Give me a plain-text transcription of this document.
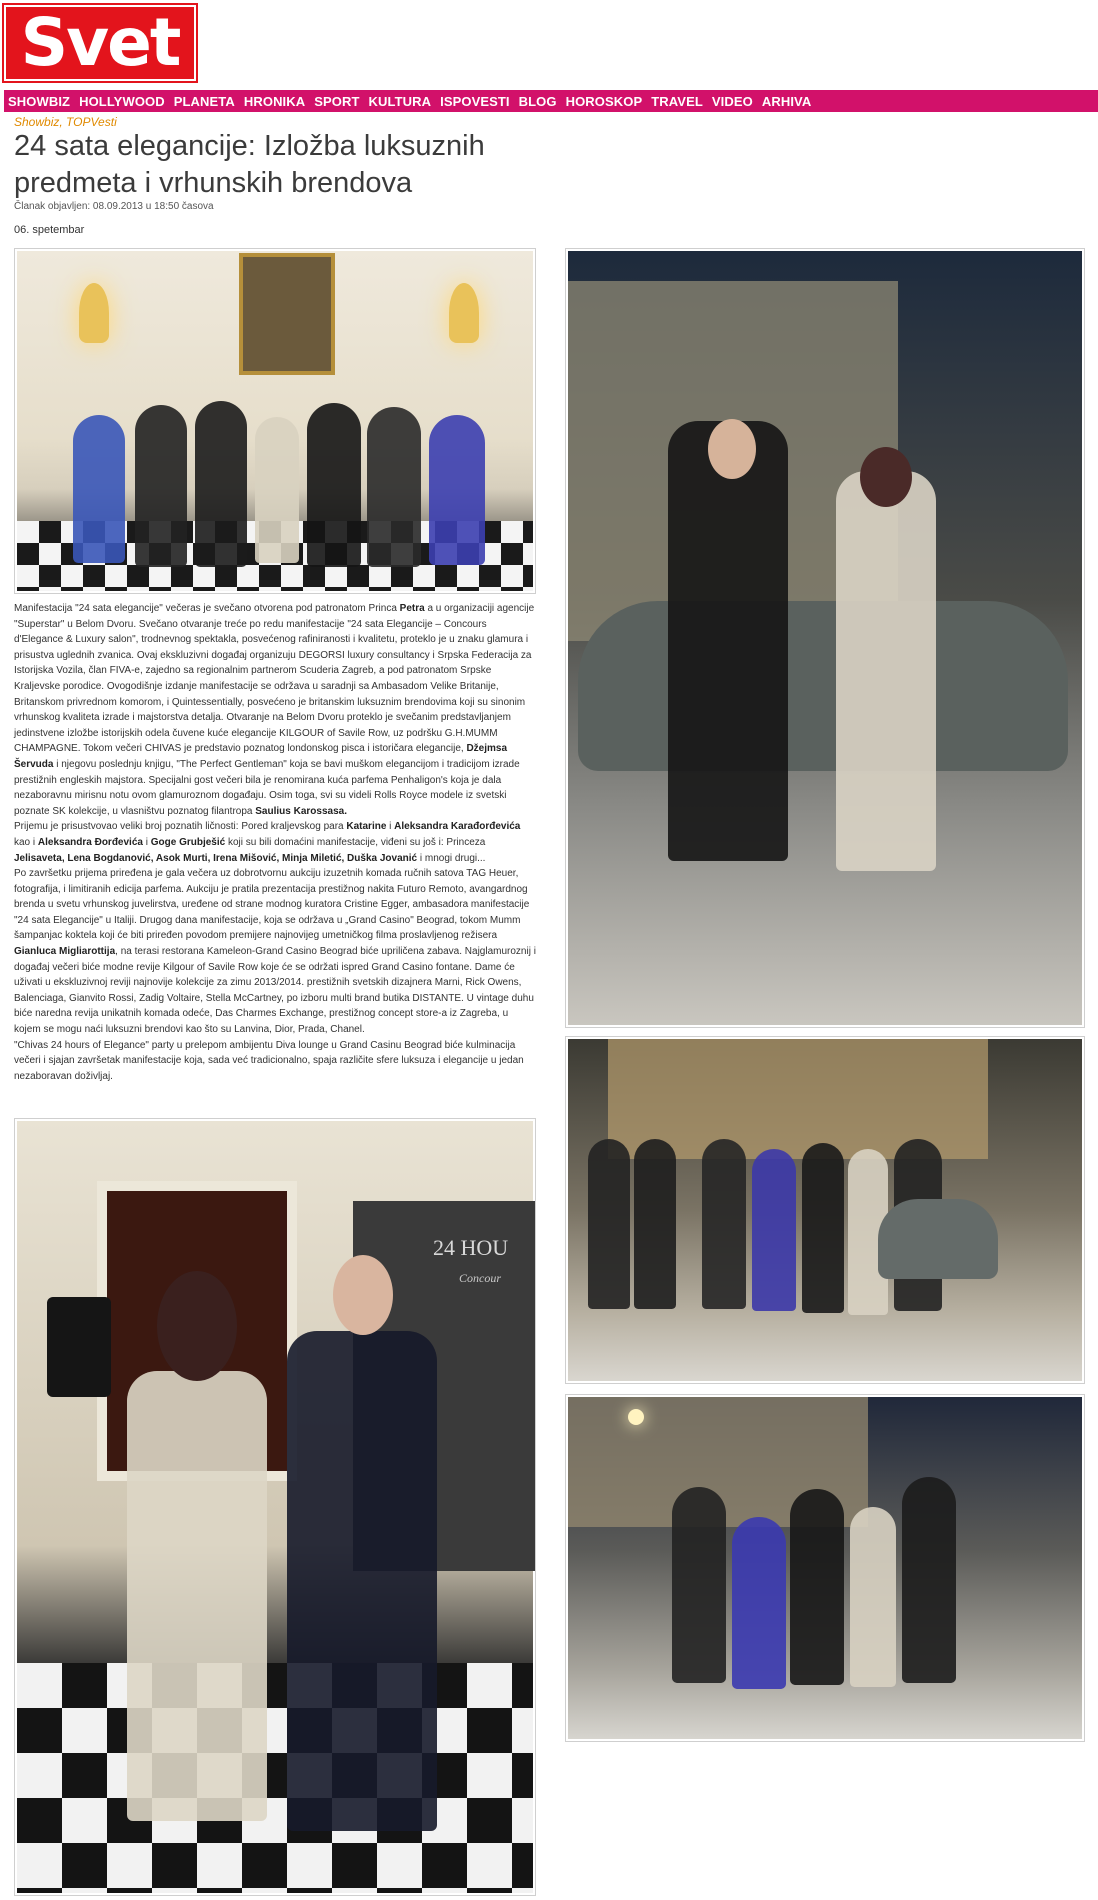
Svet
SHOWBIZ HOLLYWOOD PLANETA HRONIKA SPORT KULTURA ISPOVESTI BLOG HOROSKOP TRAVEL VIDEO ARHIVA
Showbiz, TOPVesti
24 sata elegancije: Izložba luksuznih predmeta i vrhunskih brendova
Članak objavljen: 08.09.2013 u 18:50 časova
06. spetembar

Manifestacija "24 sata elegancije" večeras je svečano otvorena pod patronatom Princa Petra a u organizaciji agencije "Superstar" u Belom Dvoru. Svečano otvaranje treće po redu manifestacije "24 sata Elegancije – Concours d'Elegance & Luxury salon", trodnevnog spektakla, posvećenog rafiniranosti i kvalitetu, proteklo je u znaku glamura i prisustva uglednih zvanica. Ovaj ekskluzivni događaj organizuju DEGORSI luxury consultancy i Srpska Federacija za Istorijska Vozila, član FIVA-e, zajedno sa regionalnim partnerom Scuderia Zagreb, a pod patronatom Srpske Kraljevske porodice. Ovogodišnje izdanje manifestacije se održava u saradnji sa Ambasadom Velike Britanije, Britanskom privrednom komorom, i Quintessentially, posvećeno je britanskim luksuznim brendovima koji su sinonim vrhunskog kvaliteta izrade i majstorstva detalja. Otvaranje na Belom Dvoru proteklo je svečanim predstavljanjem jedinstvene izložbe istorijskih odela čuvene kuće elegancije KILGOUR of Savile Row, uz podršku G.H.MUMM CHAMPAGNE. Tokom večeri CHIVAS je predstavio poznatog londonskog pisca i istoričara elegancije, Džejmsa Šervuda i njegovu poslednju knjigu, "The Perfect Gentleman" koja se bavi muškom elegancijom i tradicijom izrade prestižnih engleskih majstora. Specijalni gost večeri bila je renomirana kuća parfema Penhaligon's koja je dala nezaboravnu mirisnu notu ovom glamuroznom događaju. Osim toga, svi su videli Rolls Royce modele iz svetski poznate SK kolekcije, u vlasništvu poznatog filantropa Saulius Karossasa.

Prijemu je prisustvovao veliki broj poznatih ličnosti: Pored kraljevskog para Katarine i Aleksandra Karađorđevića kao i Aleksandra Đorđevića i Goge Grubješić koji su bili domaćini manifestacije, viđeni su još i: Princeza Jelisaveta, Lena Bogdanović, Asok Murti, Irena Mišović, Minja Miletić, Duška Jovanić i mnogi drugi...

Po završetku prijema priređena je gala večera uz dobrotvornu aukciju izuzetnih komada ručnih satova TAG Heuer, fotografija, i limitiranih edicija parfema. Aukciju je pratila prezentacija prestižnog nakita Futuro Remoto, avangardnog brenda u svetu vrhunskog juvelirstva, uređene od strane modnog kuratora Cristine Egger, ambasadora manifestacije "24 sata Elegancije" u Italiji. Drugog dana manifestacije, koja se održava u „Grand Casino" Beograd, tokom Mumm šampanjac koktela koji će biti priređen povodom premijere najnovijeg umetničkog filma proslavljenog režisera Gianluca Migliarottija, na terasi restorana Kameleon-Grand Casino Beograd biće upriličena zabava. Najglamuroznij i događaj večeri biće modne revije Kilgour of Savile Row koje će se održati ispred Grand Casino fontane. Dame će uživati u ekskluzivnoj reviji najnovije kolekcije za zimu 2013/2014. prestižnih svetskih dizajnera Marni, Rick Owens, Balenciaga, Gianvito Rossi, Zadig Voltaire, Stella McCartney, po izboru multi brand butika DISTANTE. U vintage duhu biće naredna revija unikatnih komada odeće, Das Charmes Exchange, prestižnog concept store-a iz Zagreba, u kojem se mogu naći luksuzni brendovi kao što su Lanvina, Dior, Prada, Chanel.

"Chivas 24 hours of Elegance" party u prelepom ambijentu Diva lounge u Grand Casinu Beograd biće kulminacija večeri i sjajan završetak manifestacije koja, sada već tradicionalno, spaja različite sfere luksuza i elegancije u jedan nezaboravan doživljaj.

24 HOU
Concour
